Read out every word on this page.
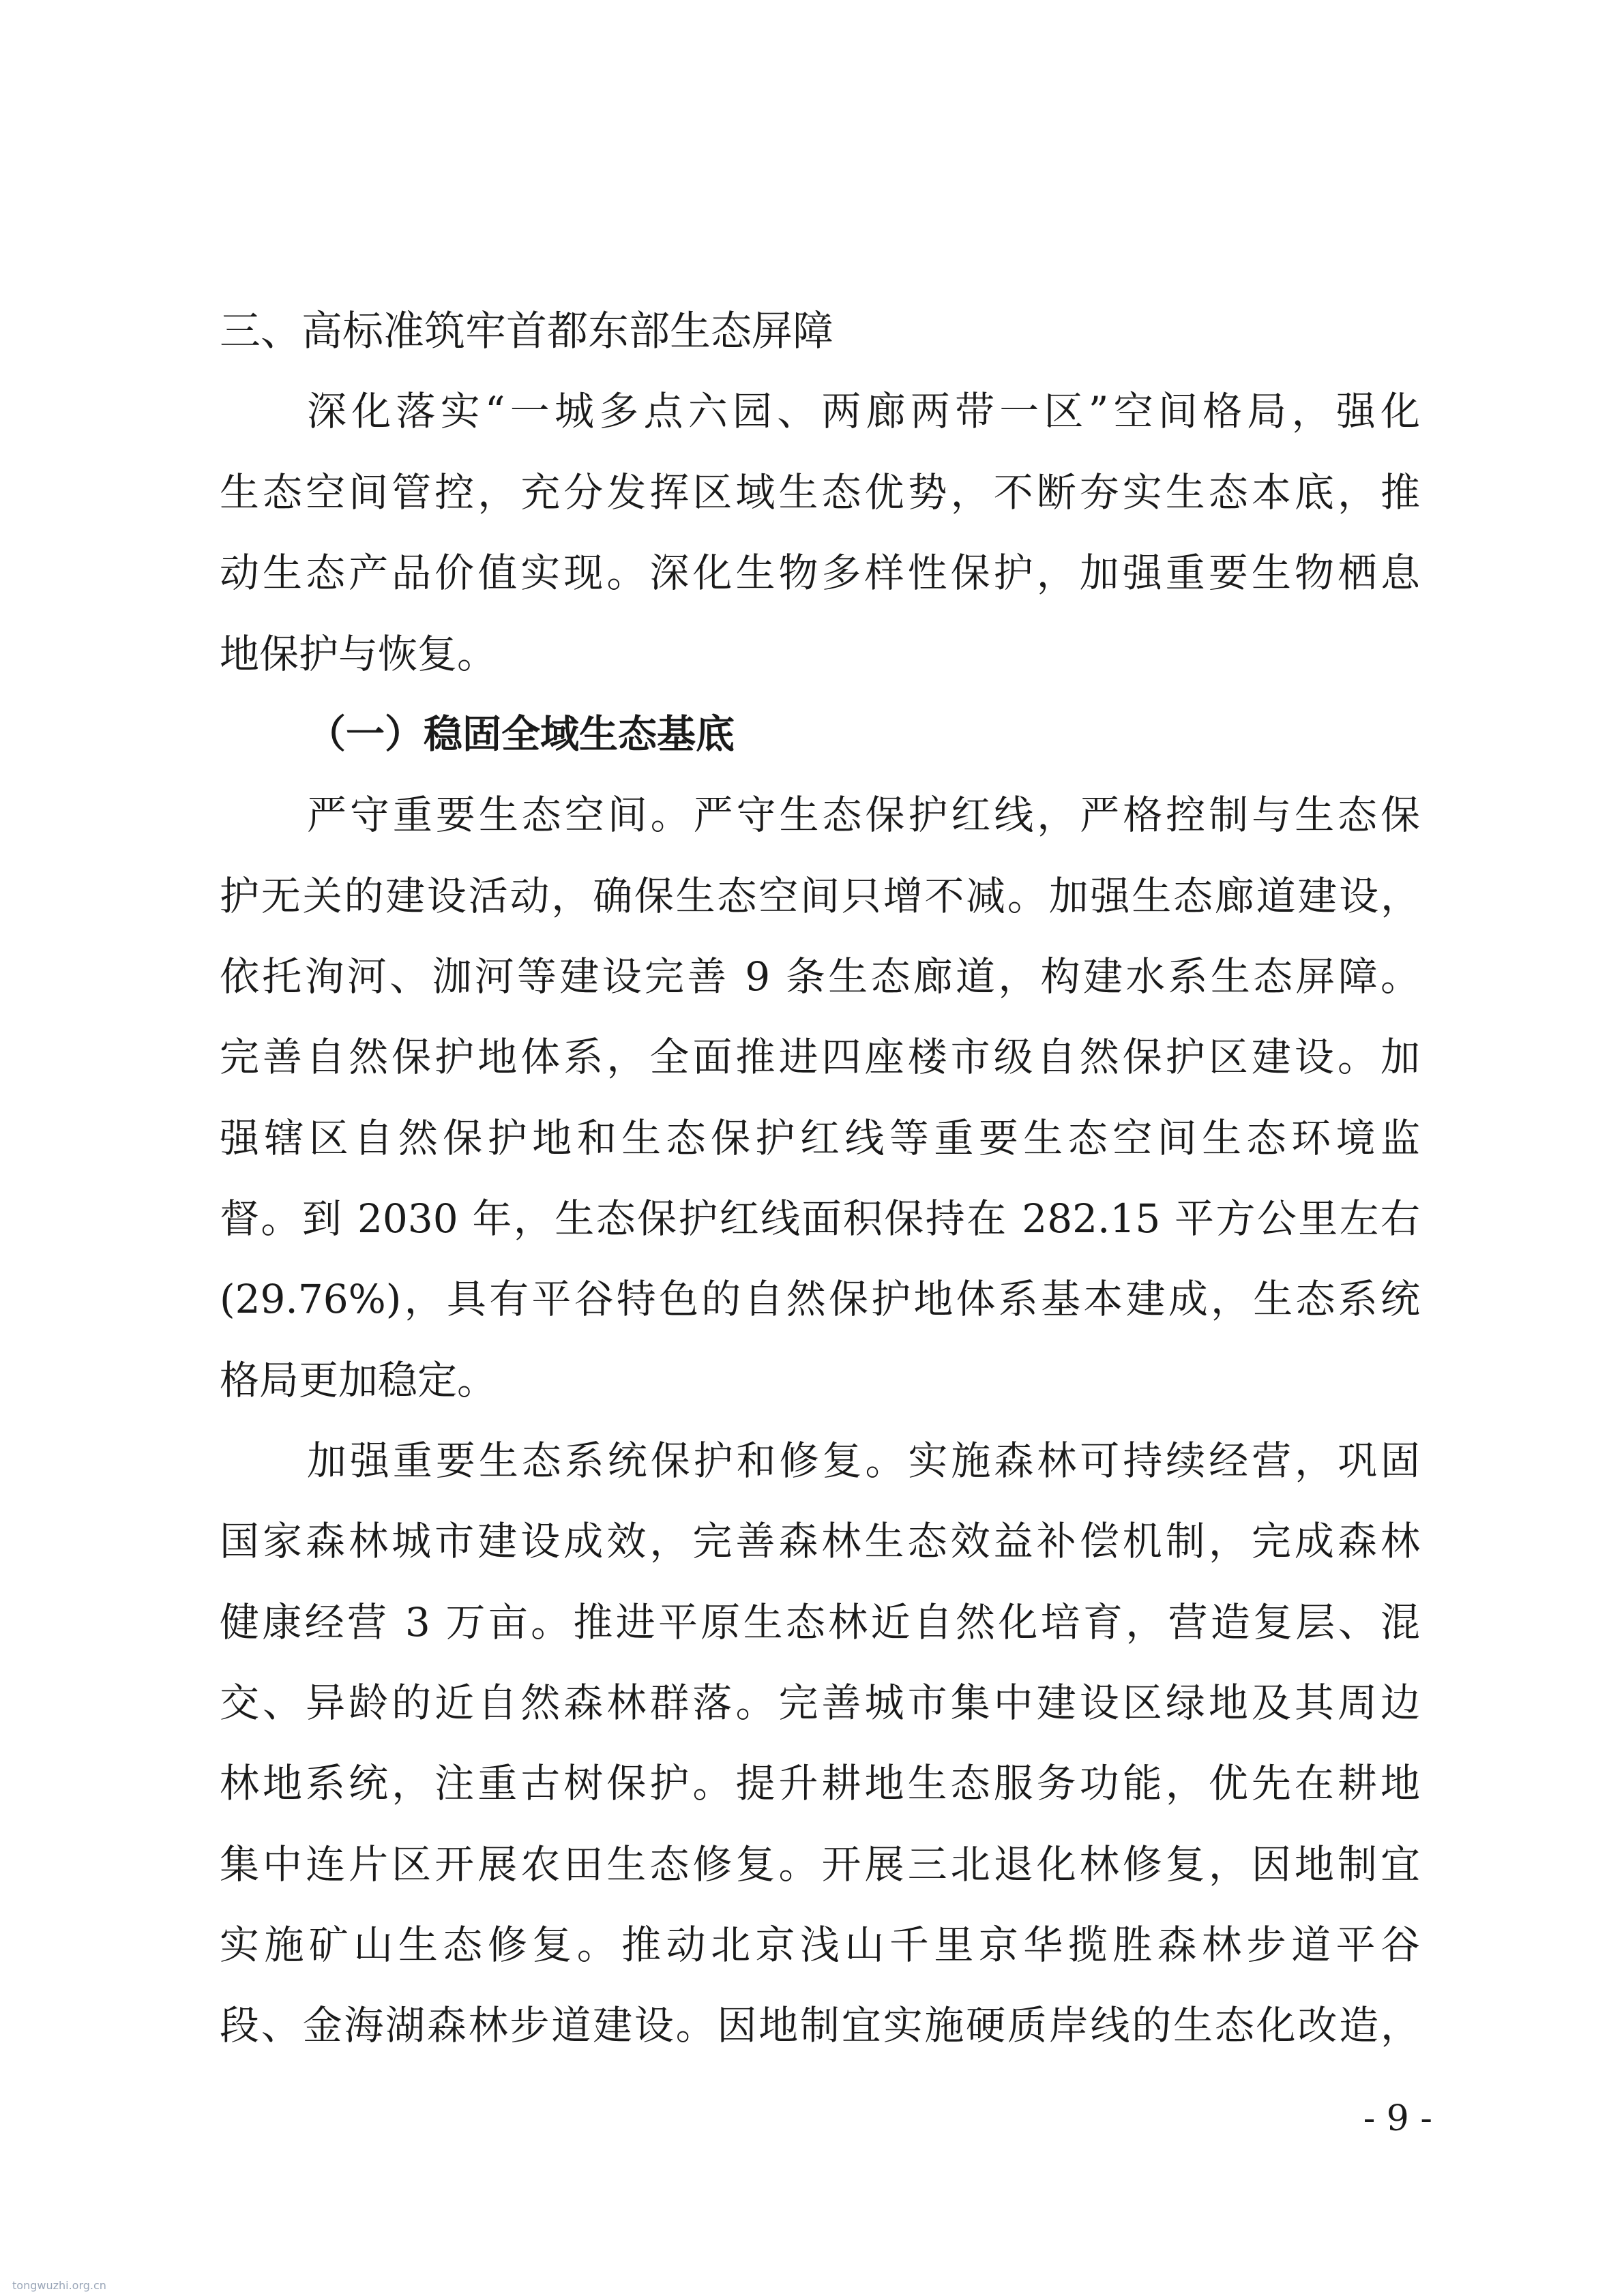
三、高标准筑牢首都东部生态屏障
深化落实“一城多点六园、两廊两带一区”空间格局，强化
生态空间管控，充分发挥区域生态优势，不断夯实生态本底，推
动生态产品价值实现。深化生物多样性保护，加强重要生物栖息
地保护与恢复。
（一）稳固全域生态基底
严守重要生态空间。严守生态保护红线，严格控制与生态保
护无关的建设活动，确保生态空间只增不减。加强生态廊道建设，
依托洵河、泇河等建设完善 9 条生态廊道，构建水系生态屏障。
完善自然保护地体系，全面推进四座楼市级自然保护区建设。加
强辖区自然保护地和生态保护红线等重要生态空间生态环境监
督。到 2030 年，生态保护红线面积保持在 282.15 平方公里左右
(29.76%)，具有平谷特色的自然保护地体系基本建成，生态系统
格局更加稳定。
加强重要生态系统保护和修复。实施森林可持续经营，巩固
国家森林城市建设成效，完善森林生态效益补偿机制，完成森林
健康经营 3 万亩。推进平原生态林近自然化培育，营造复层、混
交、异龄的近自然森林群落。完善城市集中建设区绿地及其周边
林地系统，注重古树保护。提升耕地生态服务功能，优先在耕地
集中连片区开展农田生态修复。开展三北退化林修复，因地制宜
实施矿山生态修复。推动北京浅山千里京华揽胜森林步道平谷
段、金海湖森林步道建设。因地制宜实施硬质岸线的生态化改造，
- 9 -
tongwuzhi.org.cn
